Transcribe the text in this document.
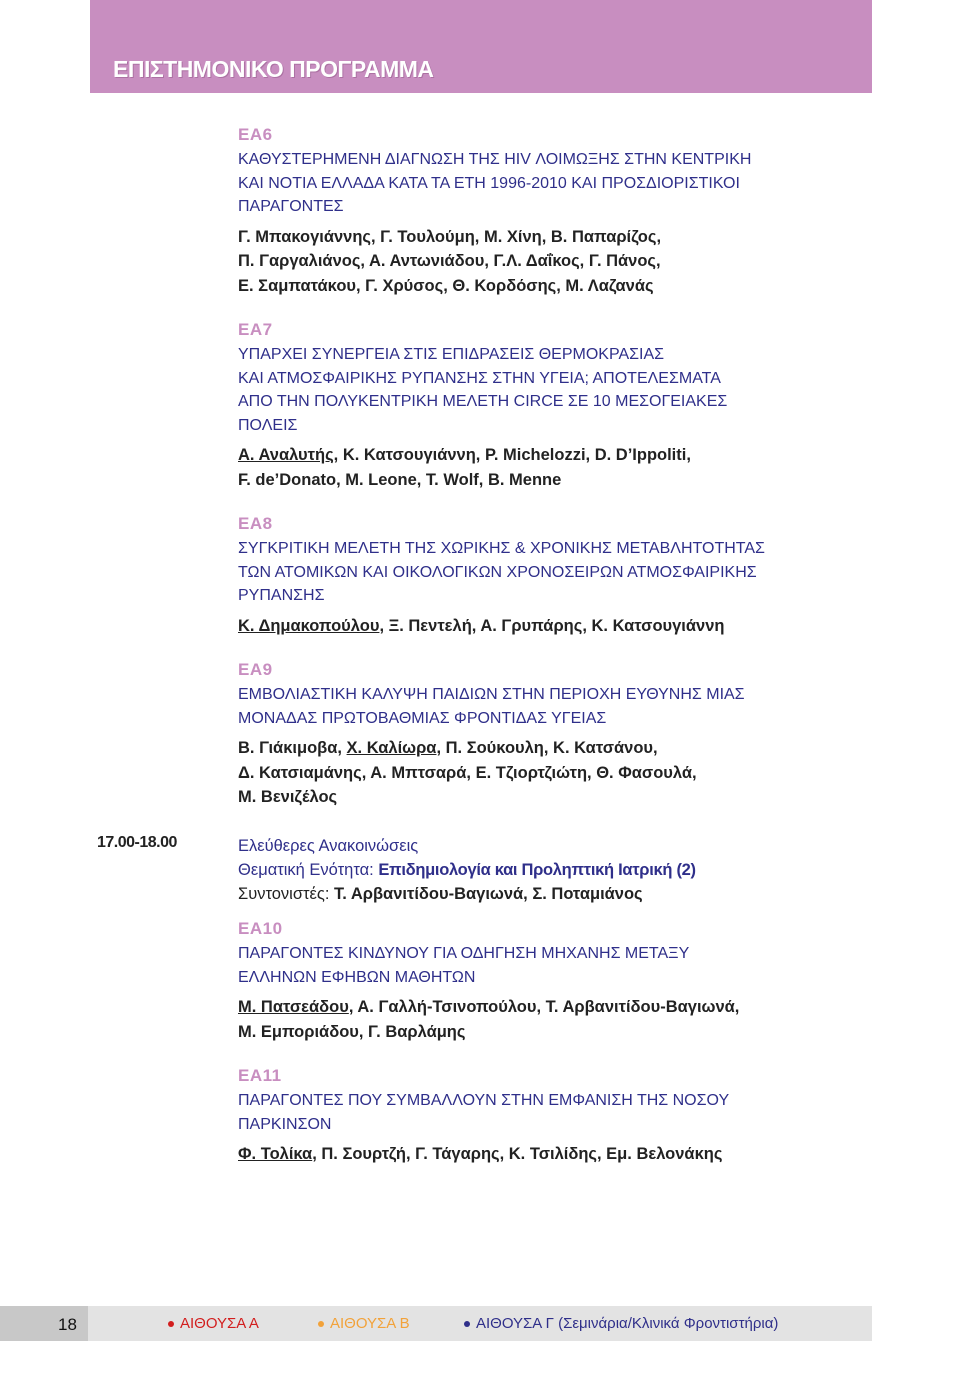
ΕΠΙΣΤΗΜΟΝΙΚΟ ΠΡΟΓΡΑΜΜΑ
ΕΑ6
ΚΑΘΥΣΤΕΡΗΜΕΝΗ ΔΙΑΓΝΩΣΗ ΤΗΣ HIV ΛΟΙΜΩΞΗΣ ΣΤΗΝ ΚΕΝΤΡΙΚΗ
ΚΑΙ ΝΟΤΙΑ ΕΛΛΑΔΑ ΚΑΤΑ ΤΑ ΕΤΗ 1996-2010 ΚΑΙ ΠΡΟΣΔΙΟΡΙΣΤΙΚΟΙ
ΠΑΡΑΓΟΝΤΕΣ
Γ. Μπακογιάννης, Γ. Τουλούμη, Μ. Χίνη, Β. Παπαρίζος,
Π. Γαργαλιάνος, Α. Αντωνιάδου, Γ.Λ. Δαΐκος, Γ. Πάνος,
Ε. Σαμπατάκου, Γ. Χρύσος, Θ. Κορδόσης, Μ. Λαζανάς
ΕΑ7
ΥΠΑΡΧΕΙ ΣΥΝΕΡΓΕΙΑ ΣΤΙΣ ΕΠΙΔΡΑΣΕΙΣ ΘΕΡΜΟΚΡΑΣΙΑΣ
ΚΑΙ ΑΤΜΟΣΦΑΙΡΙΚΗΣ ΡΥΠΑΝΣΗΣ ΣΤΗΝ ΥΓΕΙΑ; ΑΠΟΤΕΛΕΣΜΑΤΑ
ΑΠΟ ΤΗΝ ΠΟΛΥΚΕΝΤΡΙΚΗ ΜΕΛΕΤΗ CIRCE ΣΕ 10 ΜΕΣΟΓΕΙΑΚΕΣ
ΠΟΛΕΙΣ
Α. Αναλυτής, Κ. Κατσουγιάννη, P. Michelozzi, D. D’Ippoliti,
F. de’Donato, M. Leone, T. Wolf, B. Menne
ΕΑ8
ΣΥΓΚΡΙΤΙΚΗ ΜΕΛΕΤΗ ΤΗΣ ΧΩΡΙΚΗΣ & ΧΡΟΝΙΚΗΣ ΜΕΤΑΒΛΗΤΟΤΗΤΑΣ
ΤΩΝ ΑΤΟΜΙΚΩΝ ΚΑΙ ΟΙΚΟΛΟΓΙΚΩΝ ΧΡΟΝΟΣΕΙΡΩΝ ΑΤΜΟΣΦΑΙΡΙΚΗΣ
ΡΥΠΑΝΣΗΣ
Κ. Δημακοπούλου, Ξ. Πεντελή, Α. Γρυπάρης, Κ. Κατσουγιάννη
ΕΑ9
ΕΜΒΟΛΙΑΣΤΙΚΗ ΚΑΛΥΨΗ ΠΑΙΔΙΩΝ ΣΤΗΝ ΠΕΡΙΟΧΗ ΕΥΘΥΝΗΣ ΜΙΑΣ
ΜΟΝΑΔΑΣ ΠΡΩΤΟΒΑΘΜΙΑΣ ΦΡΟΝΤΙΔΑΣ ΥΓΕΙΑΣ
Β. Γιάκιμοβα, Χ. Καλίωρα, Π. Σούκουλη, Κ. Κατσάνου,
Δ. Κατσιαμάνης, Α. Μπτσαρά, Ε. Τζιορτζιώτη, Θ. Φασουλά,
Μ. Βενιζέλος
17.00-18.00	Ελεύθερες Ανακοινώσεις
Θεματική Ενότητα: Επιδημιολογία και Προληπτική Ιατρική (2)
Συντονιστές: Τ. Αρβανιτίδου-Βαγιωνά, Σ. Ποταμιάνος
ΕΑ10
ΠΑΡΑΓΟΝΤΕΣ ΚΙΝΔΥΝΟΥ ΓΙΑ ΟΔΗΓΗΣΗ ΜΗΧΑΝΗΣ ΜΕΤΑΞΥ
ΕΛΛΗΝΩΝ ΕΦΗΒΩΝ ΜΑΘΗΤΩΝ
Μ. Πατσεάδου, Α. Γαλλή-Τσινοπούλου, Τ. Αρβανιτίδου-Βαγιωνά,
Μ. Εμποριάδου, Γ. Βαρλάμης
ΕΑ11
ΠΑΡΑΓΟΝΤΕΣ ΠΟΥ ΣΥΜΒΑΛΛΟΥΝ ΣΤΗΝ ΕΜΦΑΝΙΣΗ ΤΗΣ ΝΟΣΟΥ
ΠΑΡΚΙΝΣΟΝ
Φ. Τολίκα, Π. Σουρτζή, Γ. Τάγαρης, Κ. Τσιλίδης, Εμ. Βελονάκης
18	ΑΙΘΟΥΣΑ Α	ΑΙΘΟΥΣΑ Β	ΑΙΘΟΥΣΑ Γ (Σεμινάρια/Κλινικά Φροντιστήρια)
